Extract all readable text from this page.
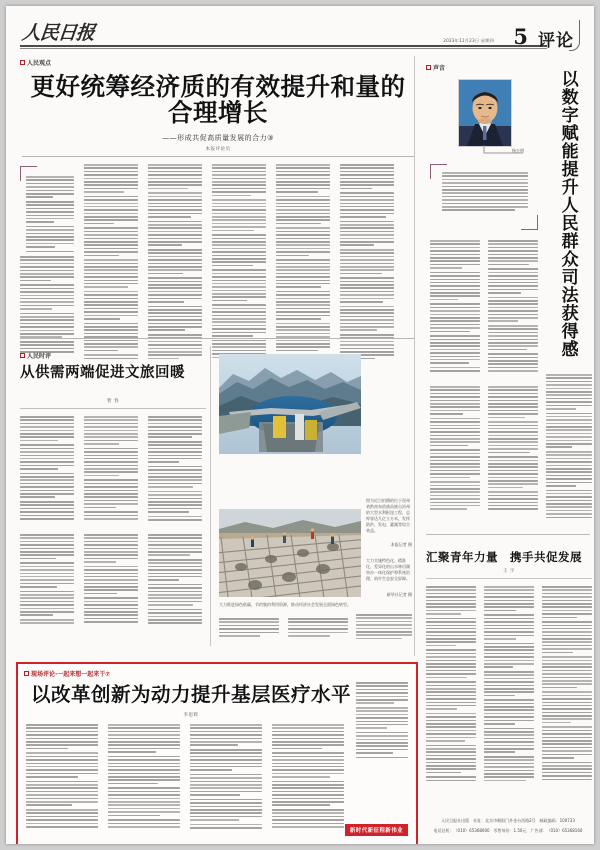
人民日报	2023年11月23日 星期四 5 评论
人民观点
更好统筹经济质的有效提升和量的合理增长
——形成共促高质量发展的合力③
本报评论员
人民时评
从供需两端促进文旅回暖
智 春
图为近日拍摄的位于贵州省黔南布依族苗族自治州的大型水利枢纽工程，总库容达九亿立方米，发挥防洪、发电、灌溉等综合效益。
本报记者 摄
大力实施特色化、精准化、差异化的山水林田湖草沙一体化保护和系统治理，筑牢生态安全屏障。
新华社记者 摄
大力推进绿色低碳、节约集约利用资源，推动经济社会发展全面绿色转型。
声音
杨万明	以数字赋能提升人民群众司法获得感
汇聚青年力量　携手共促发展
王 宇
现场评论·一起来想一起来干⑦
以改革创新为动力提升基层医疗水平
李思辉
新时代新征程新伟业
人民日报社出版　社址：北京市朝阳门外金台西路2号　邮政编码：100733
电话总机：（010）65368000　零售每份：1.50元　广告部：（010）65368160
